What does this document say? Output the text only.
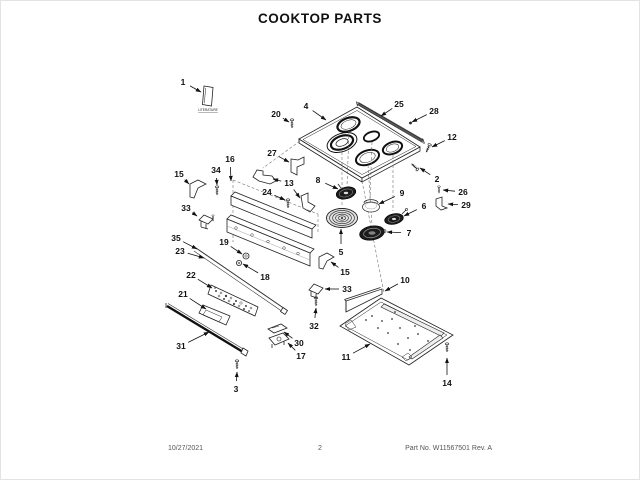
COOKTOP PARTS
LITERATURE
1
4
20
25
28
12
2
26
29
6
9
7
8
5
27
16
34
15
13
24
33
35
23
19
18
22
21
31
3
30
17
15
33
32
10
11
14
10/27/2021	2	Part No. W11567501 Rev. A
